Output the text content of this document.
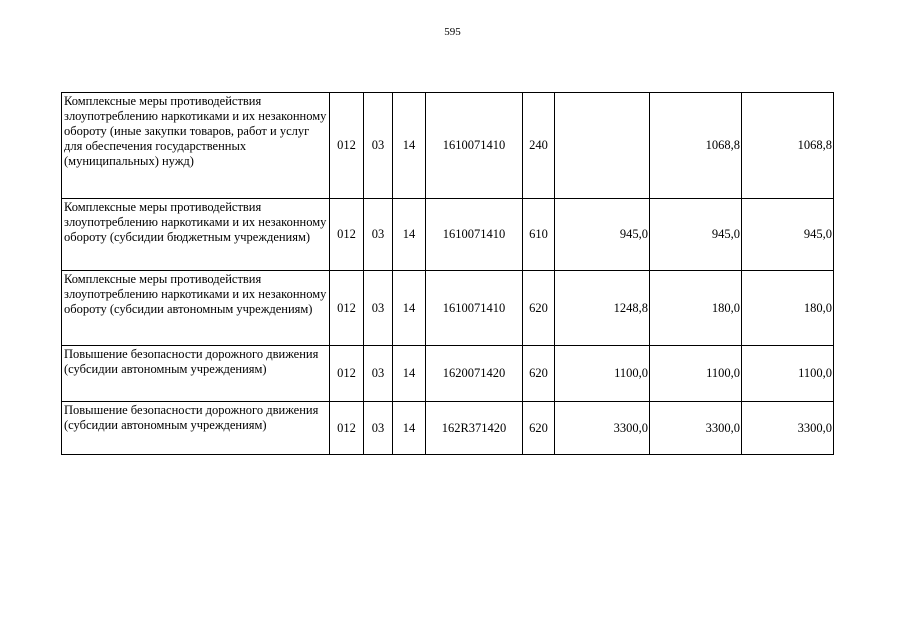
595
Комплексные меры противодействия злоупотреблению наркотиками и их незаконному обороту (иные закупки товаров, работ и услуг для обеспечения государственных (муниципальных) нужд)	012	03	14	1610071410	240		1068,8	1068,8
Комплексные меры противодействия злоупотреблению наркотиками и их незаконному обороту (субсидии бюджетным учреждениям)	012	03	14	1610071410	610	945,0	945,0	945,0
Комплексные меры противодействия злоупотреблению наркотиками и их незаконному обороту (субсидии автономным учреждениям)	012	03	14	1610071410	620	1248,8	180,0	180,0
Повышение безопасности дорожного движения (субсидии автономным учреждениям)	012	03	14	1620071420	620	1100,0	1100,0	1100,0
Повышение безопасности дорожного движения (субсидии автономным учреждениям)	012	03	14	162R371420	620	3300,0	3300,0	3300,0
